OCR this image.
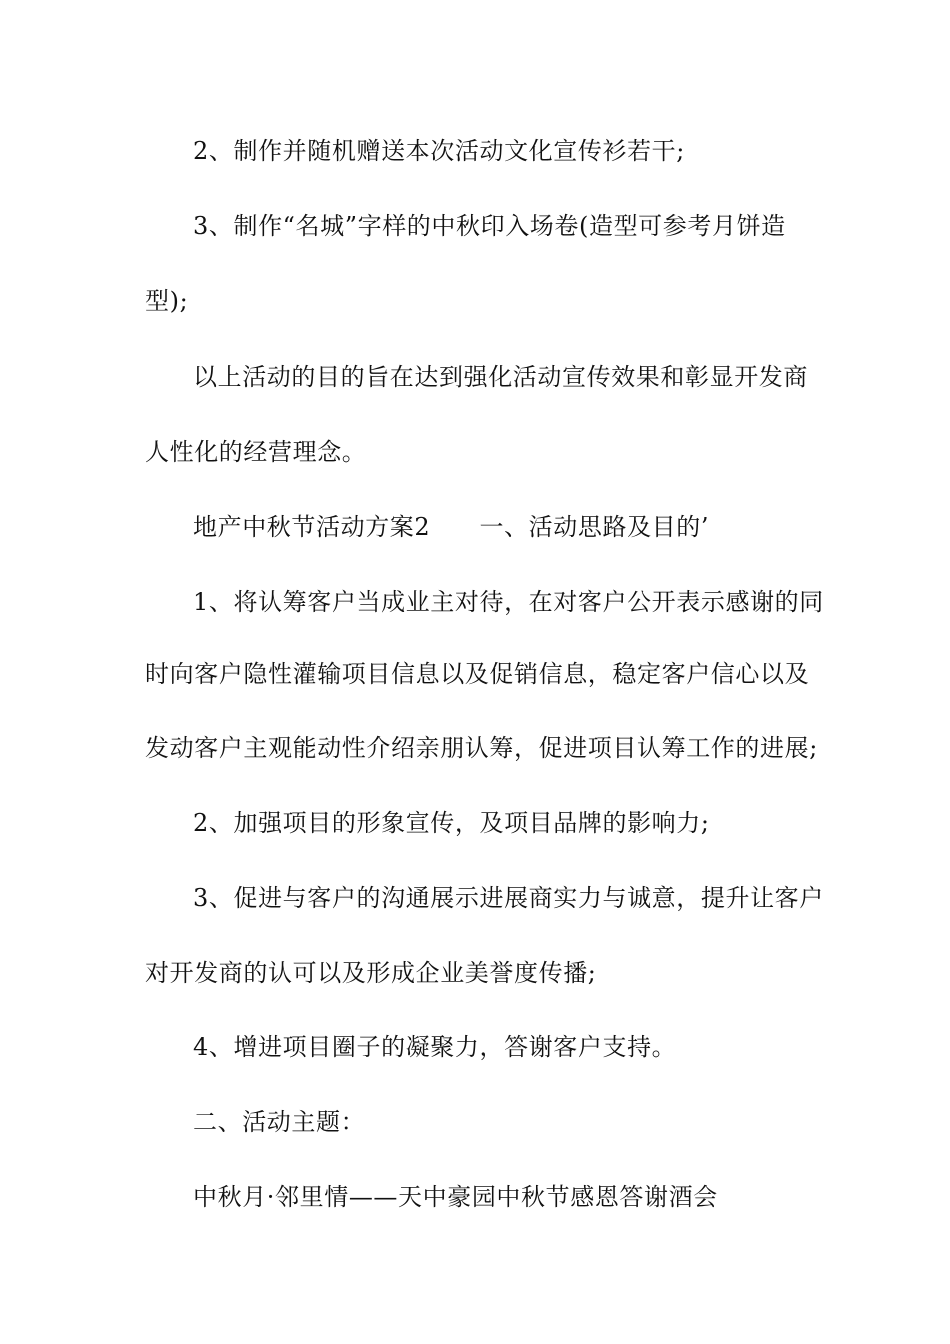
2、制作并随机赠送本次活动文化宣传衫若干;
3、制作“名城”字样的中秋印入场卷(造型可参考月饼造
型);
以上活动的目的旨在达到强化活动宣传效果和彰显开发商
人性化的经营理念。
地产中秋节活动方案2　　一、活动思路及目的’
1、将认筹客户当成业主对待，在对客户公开表示感谢的同
时向客户隐性灌输项目信息以及促销信息，稳定客户信心以及
发动客户主观能动性介绍亲朋认筹，促进项目认筹工作的进展;
2、加强项目的形象宣传，及项目品牌的影响力;
3、促进与客户的沟通展示进展商实力与诚意，提升让客户
对开发商的认可以及形成企业美誉度传播;
4、增进项目圈子的凝聚力，答谢客户支持。
二、活动主题：
中秋月·邻里情——天中豪园中秋节感恩答谢酒会
